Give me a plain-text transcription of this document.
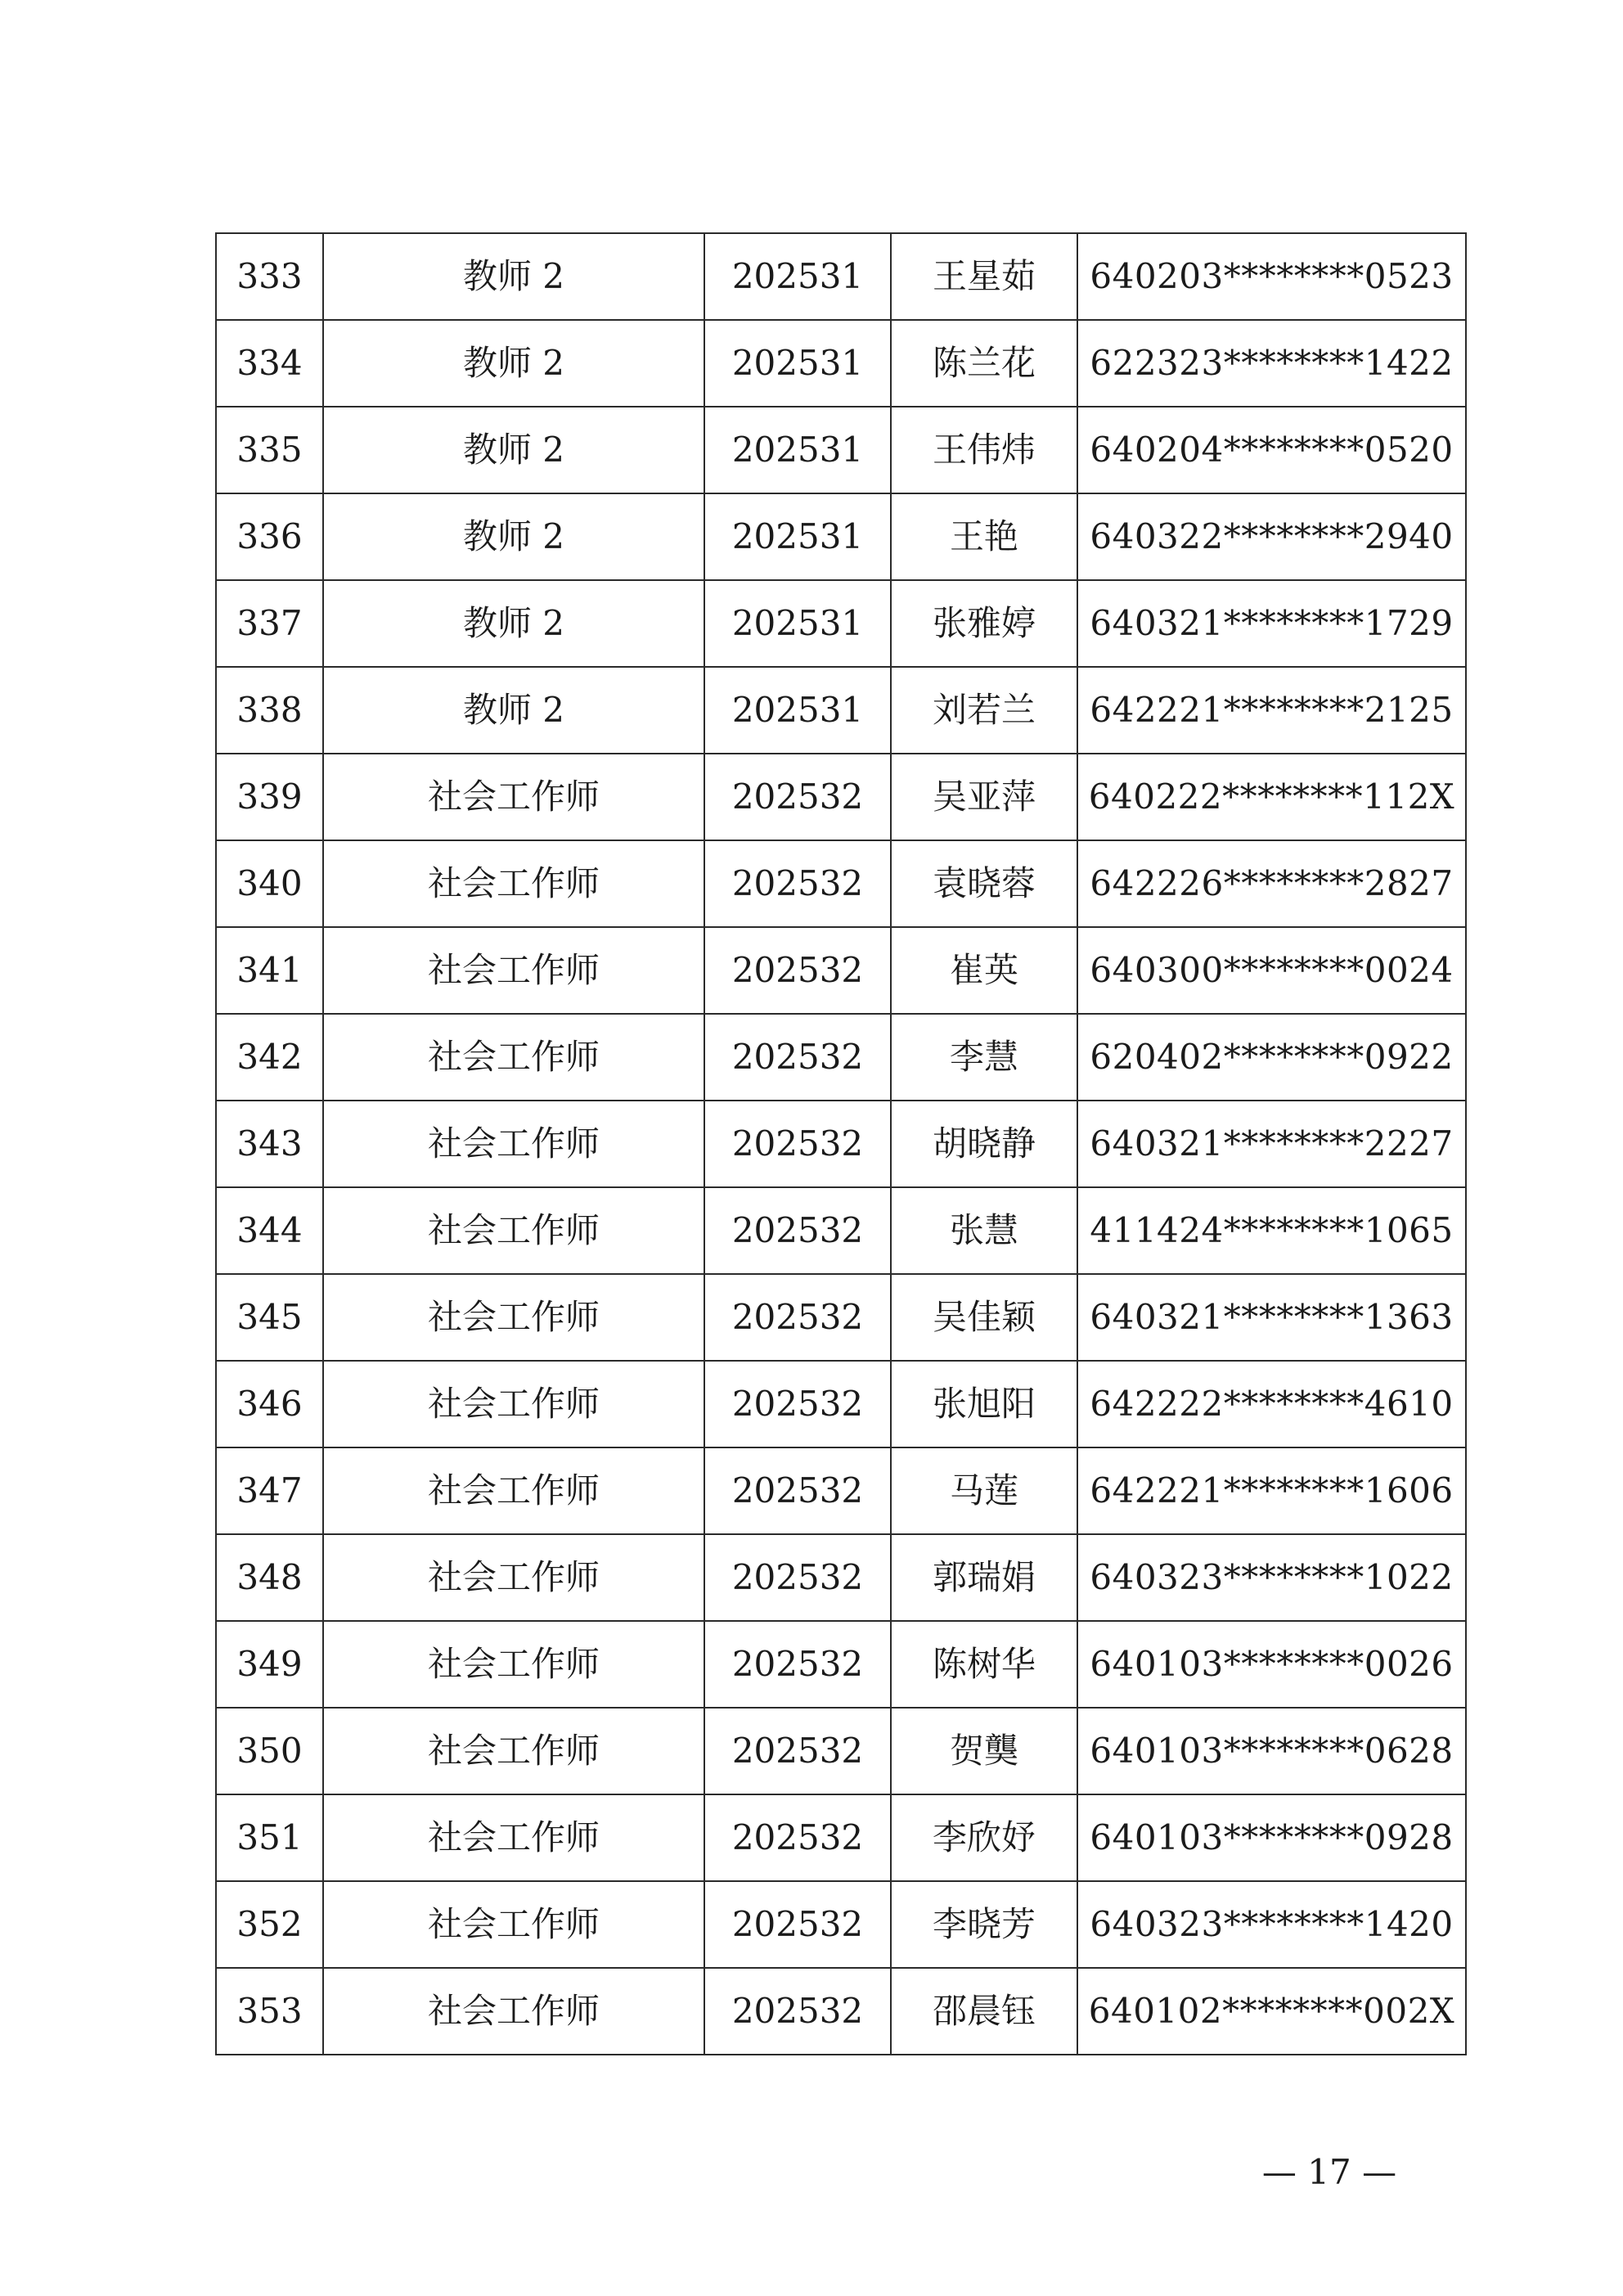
333	教师 2	202531	王星茹	640203********0523
334	教师 2	202531	陈兰花	622323********1422
335	教师 2	202531	王伟炜	640204********0520
336	教师 2	202531	王艳	640322********2940
337	教师 2	202531	张雅婷	640321********1729
338	教师 2	202531	刘若兰	642221********2125
339	社会工作师	202532	吴亚萍	640222********112X
340	社会工作师	202532	袁晓蓉	642226********2827
341	社会工作师	202532	崔英	640300********0024
342	社会工作师	202532	李慧	620402********0922
343	社会工作师	202532	胡晓静	640321********2227
344	社会工作师	202532	张慧	411424********1065
345	社会工作师	202532	吴佳颖	640321********1363
346	社会工作师	202532	张旭阳	642222********4610
347	社会工作师	202532	马莲	642221********1606
348	社会工作师	202532	郭瑞娟	640323********1022
349	社会工作师	202532	陈树华	640103********0026
350	社会工作师	202532	贺龑	640103********0628
351	社会工作师	202532	李欣妤	640103********0928
352	社会工作师	202532	李晓芳	640323********1420
353	社会工作师	202532	邵晨钰	640102********002X
— 17 —
